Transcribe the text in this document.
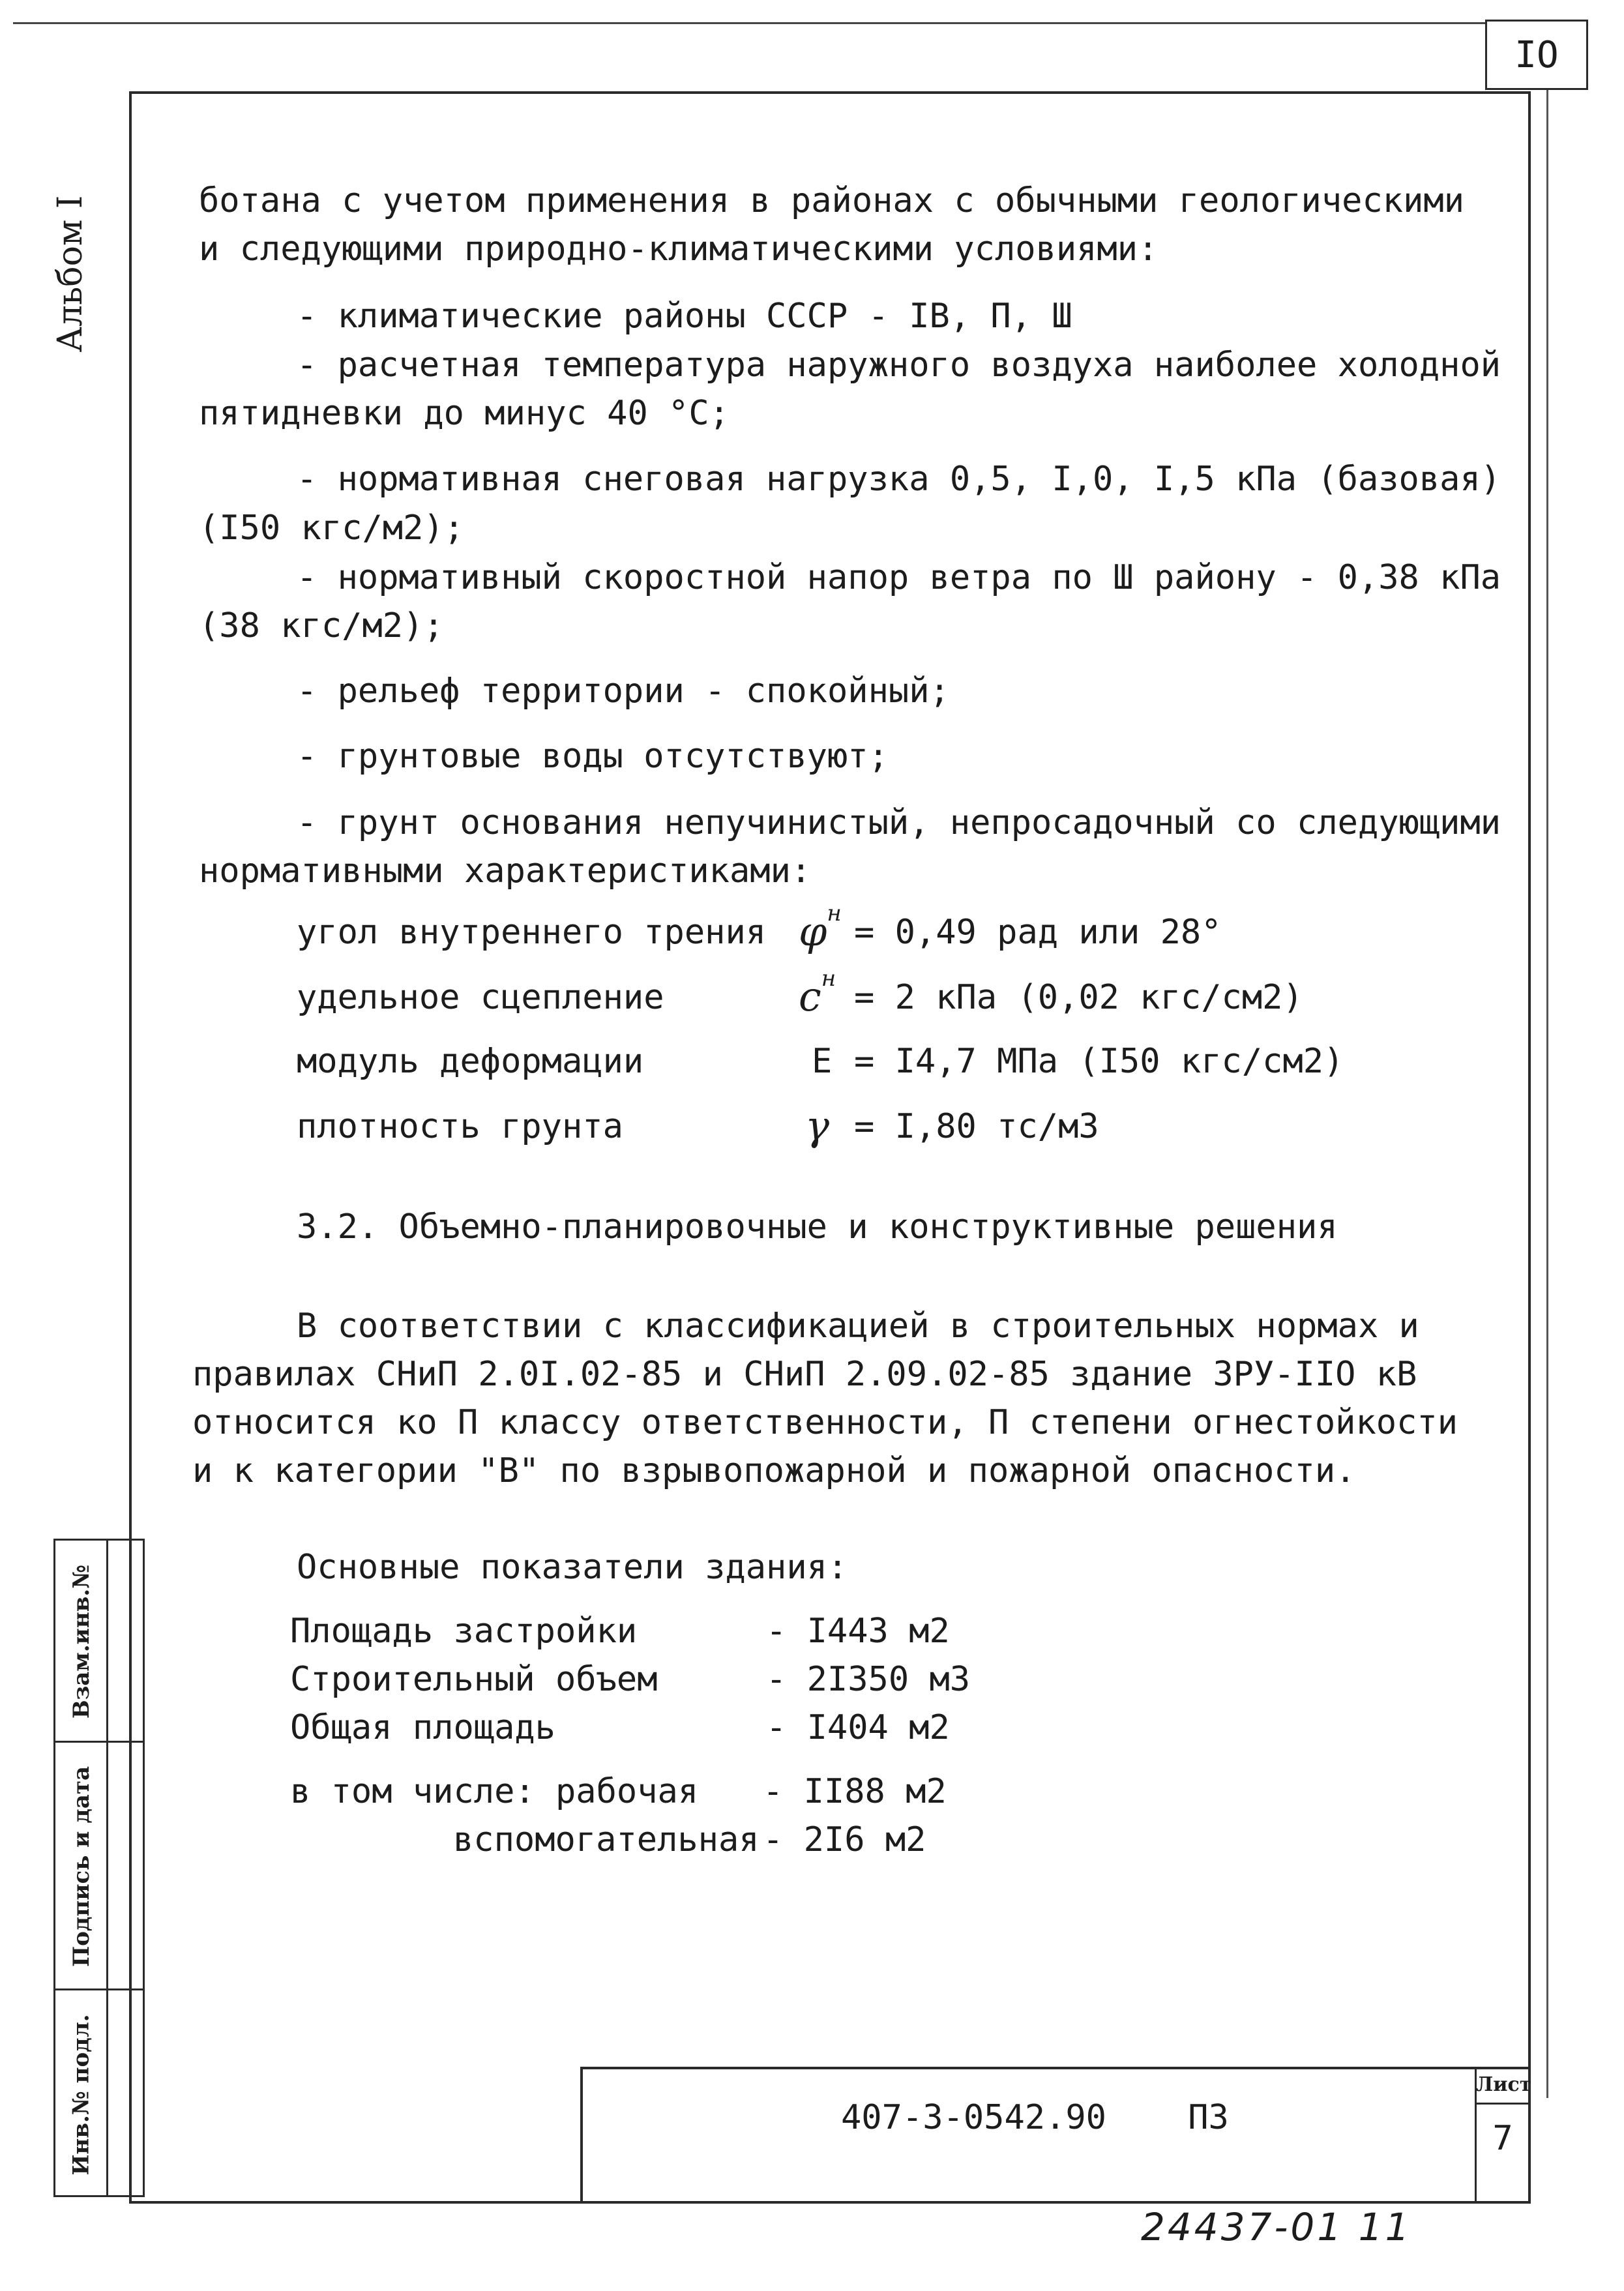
IO
Альбом I	ботана с учетом применения в районах с обычными геологическими
и следующими природно-климатическими условиями:
- климатические районы СССР - IВ, П, Ш
- расчетная температура наружного воздуха наиболее холодной
пятидневки до минус 40 °С;
- нормативная снеговая нагрузка 0,5, I,0, I,5 кПа (базовая)
(I50 кгс/м2);
- нормативный скоростной напор ветра по Ш району - 0,38 кПа
(38 кгс/м2);
- рельеф территории - спокойный;
- грунтовые воды отсутствуют;
- грунт основания непучинистый, непросадочный со следующими
нормативными характеристиками:
угол внутреннего трения $\varphi^н = 0,49$ рад или 28°
удельное сцепление	$c^н = 2$ кПа (0,02 кгс/см2)
модуль деформации	E = I4,7 МПа (I50 кгс/см2)
плотность грунта	γ = I,80 тс/м3
3.2. Объемно-планировочные и конструктивные решения
В соответствии с классификацией в строительных нормах и
правилах СНиП 2.0I.02-85 и СНиП 2.09.02-85 здание ЗРУ-IIO кВ
относится ко П классу ответственности, П степени огнестойкости
и к категории "В" по взрывопожарной и пожарной опасности.
Основные показатели здания:
Площадь застройки	- I443 м2
Строительный объем	- 2I350 м3
Общая площадь	- I404 м2
в том числе: рабочая - II88 м2
вспомогательная - 2I6 м2
Взам.инв.№
Подпись и дата
Инв.№ подл.	407-3-0542.90 ПЗ
Лист
7
24437-01 11
